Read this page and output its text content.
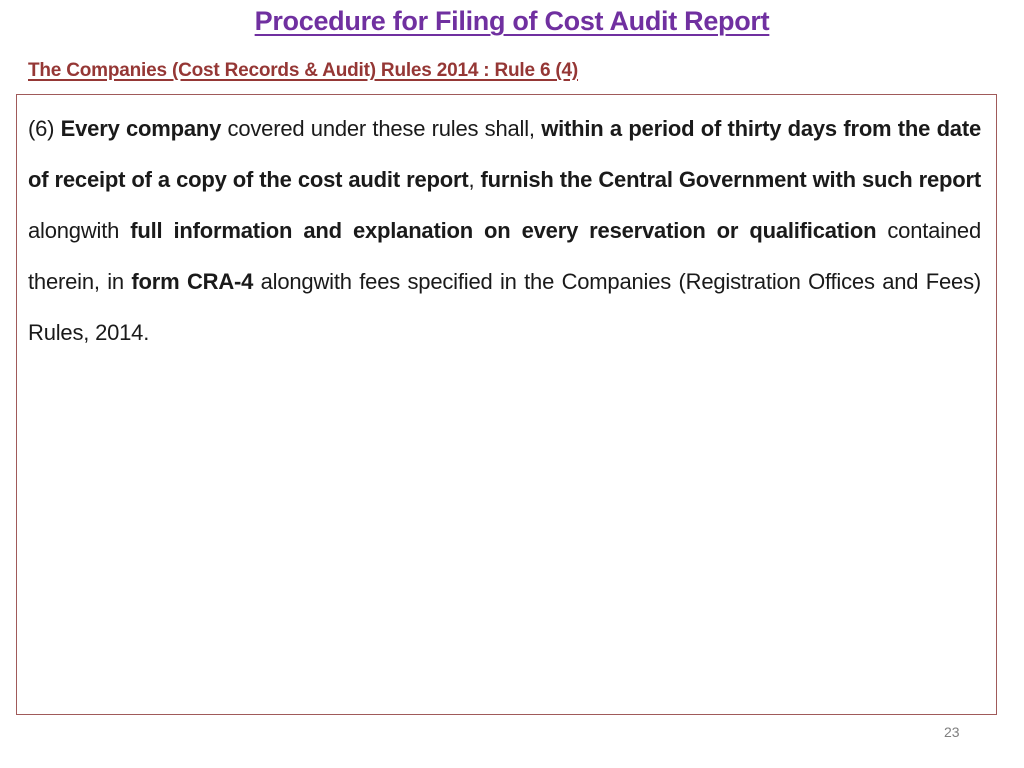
Procedure for Filing of Cost Audit Report
The Companies (Cost Records & Audit) Rules 2014 : Rule 6 (4)

(6) Every company covered under these rules shall, within a period of thirty days from the date of receipt of a copy of the cost audit report, furnish the Central Government with such report alongwith full information and explanation on every reservation or qualification contained therein, in form CRA-4 alongwith fees specified in the Companies (Registration Offices and Fees) Rules, 2014.

23
